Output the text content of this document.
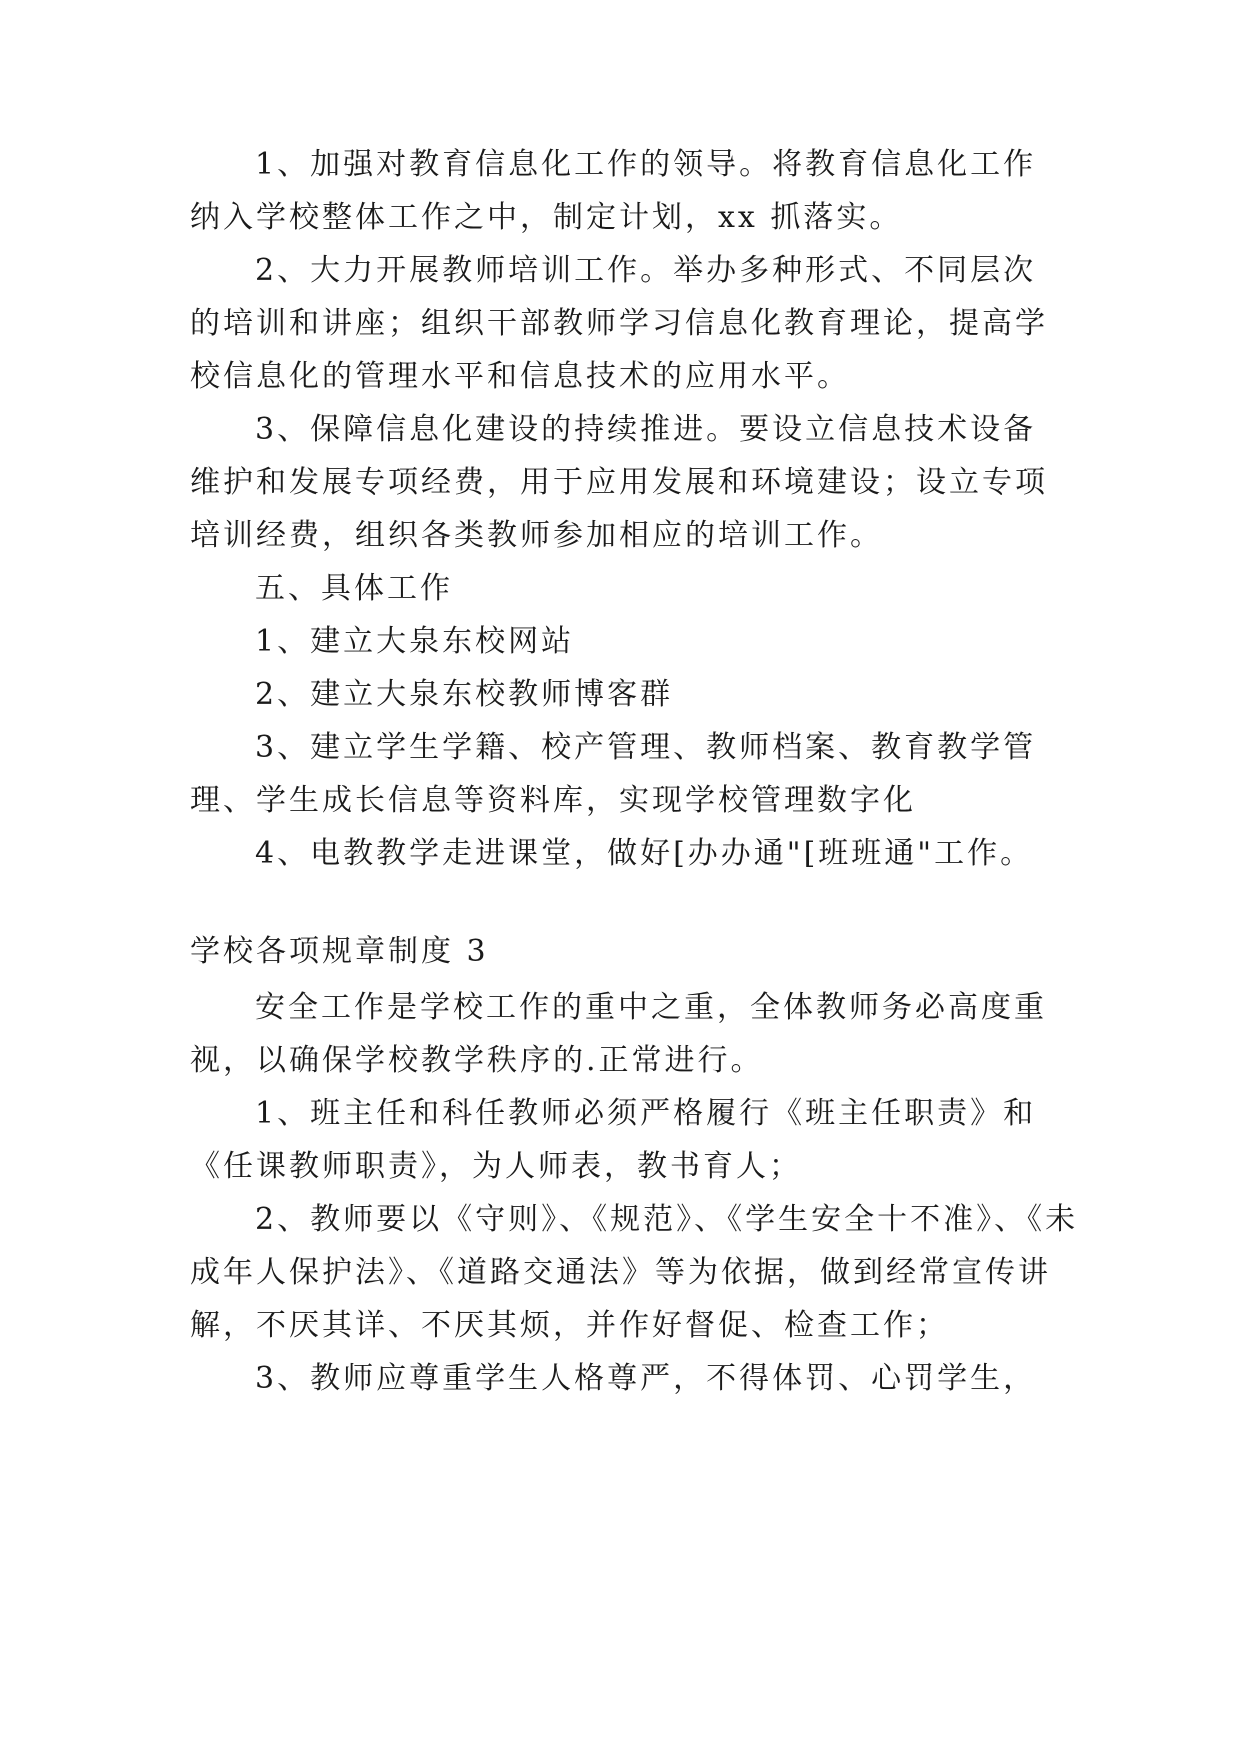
1、加强对教育信息化工作的领导。将教育信息化工作
纳入学校整体工作之中，制定计划，xx 抓落实。
2、大力开展教师培训工作。举办多种形式、不同层次
的培训和讲座；组织干部教师学习信息化教育理论，提高学
校信息化的管理水平和信息技术的应用水平。
3、保障信息化建设的持续推进。要设立信息技术设备
维护和发展专项经费，用于应用发展和环境建设；设立专项
培训经费，组织各类教师参加相应的培训工作。
五、具体工作
1、建立大泉东校网站
2、建立大泉东校教师博客群
3、建立学生学籍、校产管理、教师档案、教育教学管
理、学生成长信息等资料库，实现学校管理数字化
4、电教教学走进课堂，做好[办办通"[班班通"工作。
学校各项规章制度 3
安全工作是学校工作的重中之重，全体教师务必高度重
视，以确保学校教学秩序的.正常进行。
1、班主任和科任教师必须严格履行《班主任职责》和
《任课教师职责》，为人师表，教书育人；
2、教师要以《守则》、《规范》、《学生安全十不准》、《未
成年人保护法》、《道路交通法》等为依据，做到经常宣传讲
解，不厌其详、不厌其烦，并作好督促、检查工作；
3、教师应尊重学生人格尊严，不得体罚、心罚学生，
